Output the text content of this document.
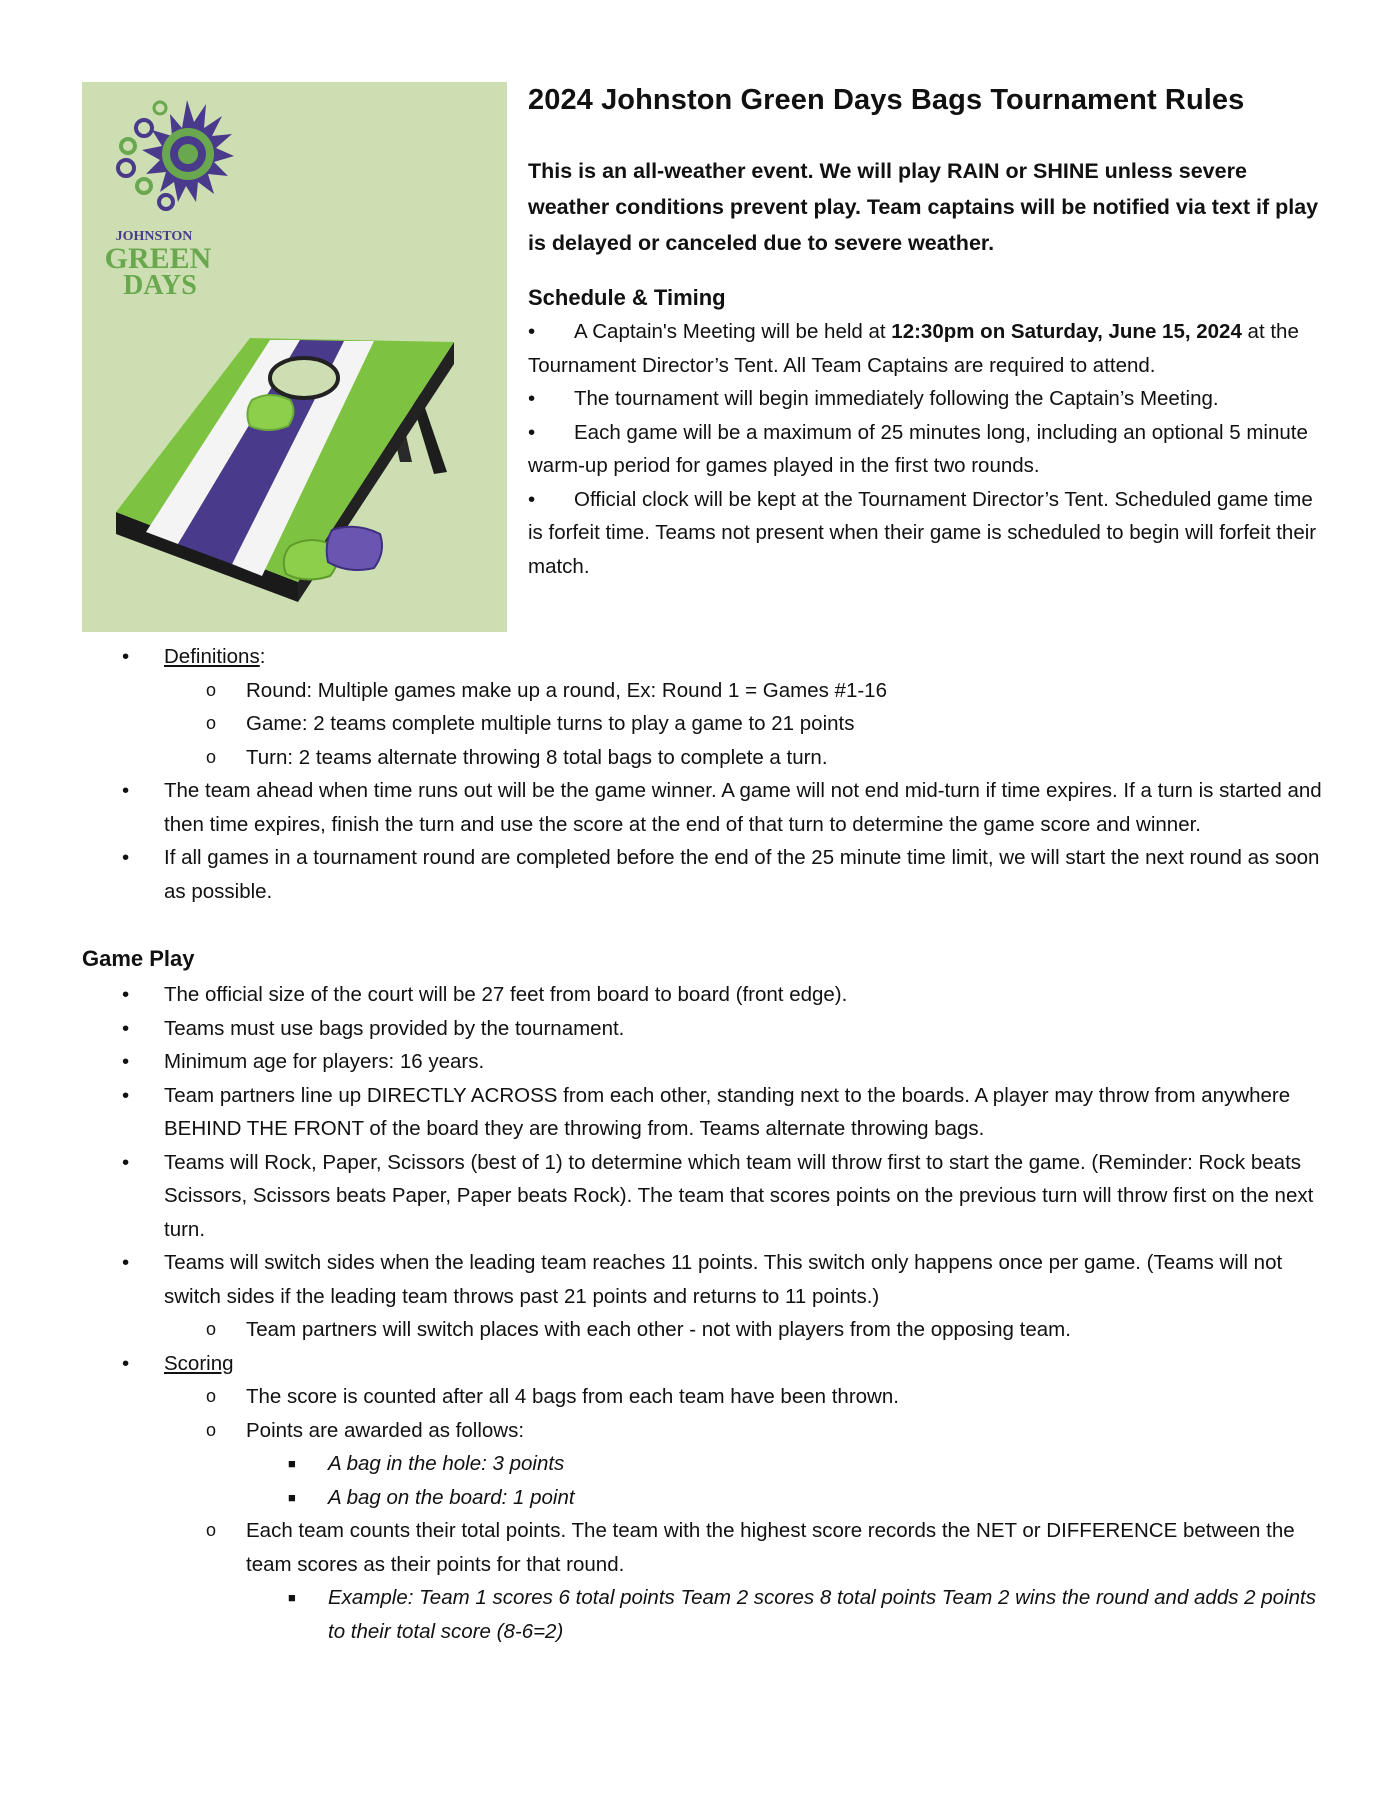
JOHNSTON
GREEN
DAYS
2024 Johnston Green Days Bags Tournament Rules

This is an all-weather event. We will play RAIN or SHINE unless severe weather conditions prevent play. Team captains will be notified via text if play is delayed or canceled due to severe weather.

Schedule & Timing

• A Captain's Meeting will be held at 12:30pm on Saturday, June 15, 2024 at the Tournament Director’s Tent. All Team Captains are required to attend.

• The tournament will begin immediately following the Captain’s Meeting.

• Each game will be a maximum of 25 minutes long, including an optional 5 minute warm-up period for games played in the first two rounds.

• Official clock will be kept at the Tournament Director’s Tent. Scheduled game time is forfeit time. Teams not present when their game is scheduled to begin will forfeit their match.

• Definitions:
o Round: Multiple games make up a round, Ex: Round 1 = Games #1-16
o Game: 2 teams complete multiple turns to play a game to 21 points
o Turn: 2 teams alternate throwing 8 total bags to complete a turn.
• The team ahead when time runs out will be the game winner. A game will not end mid-turn if time expires. If a turn is started and then time expires, finish the turn and use the score at the end of that turn to determine the game score and winner.
• If all games in a tournament round are completed before the end of the 25 minute time limit, we will start the next round as soon as possible.
Game Play
• The official size of the court will be 27 feet from board to board (front edge).
• Teams must use bags provided by the tournament.
• Minimum age for players: 16 years.
• Team partners line up DIRECTLY ACROSS from each other, standing next to the boards. A player may throw from anywhere BEHIND THE FRONT of the board they are throwing from. Teams alternate throwing bags.
• Teams will Rock, Paper, Scissors (best of 1) to determine which team will throw first to start the game. (Reminder: Rock beats Scissors, Scissors beats Paper, Paper beats Rock). The team that scores points on the previous turn will throw first on the next turn.
• Teams will switch sides when the leading team reaches 11 points. This switch only happens once per game. (Teams will not switch sides if the leading team throws past 21 points and returns to 11 points.)
o Team partners will switch places with each other - not with players from the opposing team.
• Scoring
o The score is counted after all 4 bags from each team have been thrown.
o Points are awarded as follows:
■ A bag in the hole: 3 points
■ A bag on the board: 1 point
o Each team counts their total points. The team with the highest score records the NET or DIFFERENCE between the team scores as their points for that round.
■ Example: Team 1 scores 6 total points Team 2 scores 8 total points Team 2 wins the round and adds 2 points to their total score (8-6=2)
